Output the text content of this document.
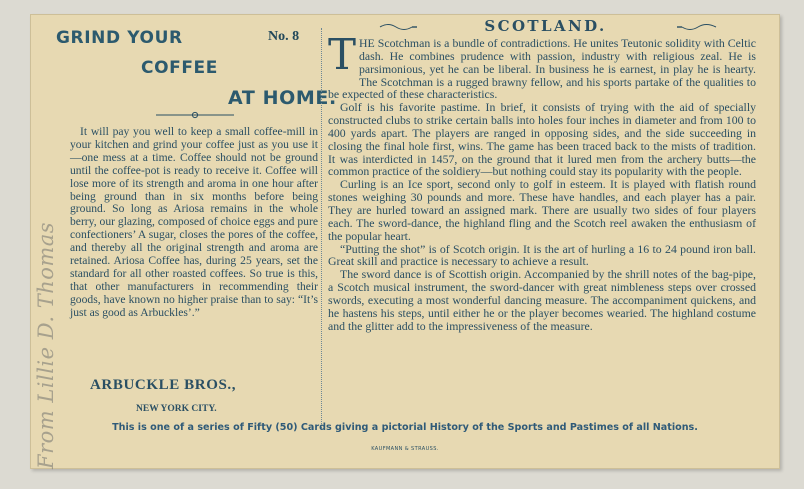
From Lillie D. Thomas
GRIND YOUR
COFFEE
AT HOME.
No. 8
It will pay you well to keep a small coffee-mill in your kitchen and grind your coffee just as you use it—one mess at a time. Coffee should not be ground until the coffee-pot is ready to receive it. Coffee will lose more of its strength and aroma in one hour after being ground than in six months before being ground. So long as Ariosa remains in the whole berry, our glazing, composed of choice eggs and pure confectioners’ A sugar, closes the pores of the coffee, and thereby all the original strength and aroma are retained. Ariosa Coffee has, during 25 years, set the standard for all other roasted coffees. So true is this, that other manufacturers in recommending their goods, have known no higher praise than to say: “It’s just as good as Arbuckles’.”
ARBUCKLE BROS.,
NEW YORK CITY.
SCOTLAND.

THE Scotchman is a bundle of contradictions. He unites Teutonic solidity with Celtic dash. He combines prudence with passion, industry with religious zeal. He is parsimonious, yet he can be liberal. In business he is earnest, in play he is hearty. The Scotchman is a rugged brawny fellow, and his sports partake of the qualities to be expected of these characteristics.

Golf is his favorite pastime. In brief, it consists of trying with the aid of specially constructed clubs to strike certain balls into holes four inches in diameter and from 100 to 400 yards apart. The players are ranged in opposing sides, and the side succeeding in closing the final hole first, wins. The game has been traced back to the mists of tradition. It was interdicted in 1457, on the ground that it lured men from the archery butts—the common practice of the soldiery—but nothing could stay its popularity with the people.

Curling is an Ice sport, second only to golf in esteem. It is played with flatish round stones weighing 30 pounds and more. These have handles, and each player has a pair. They are hurled toward an assigned mark. There are usually two sides of four players each. The sword-dance, the highland fling and the Scotch reel awaken the enthusiasm of the popular heart.

“Putting the shot” is of Scotch origin. It is the art of hurling a 16 to 24 pound iron ball. Great skill and practice is necessary to achieve a result.

The sword dance is of Scottish origin. Accompanied by the shrill notes of the bag-pipe, a Scotch musical instrument, the sword-dancer with great nimbleness steps over crossed swords, executing a most wonderful dancing measure. The accompaniment quickens, and he hastens his steps, until either he or the player becomes wearied. The highland costume and the glitter add to the impressiveness of the measure.

This is one of a series of Fifty (50) Cards giving a pictorial History of the Sports and Pastimes of all Nations.
KAUFMANN & STRAUSS.
